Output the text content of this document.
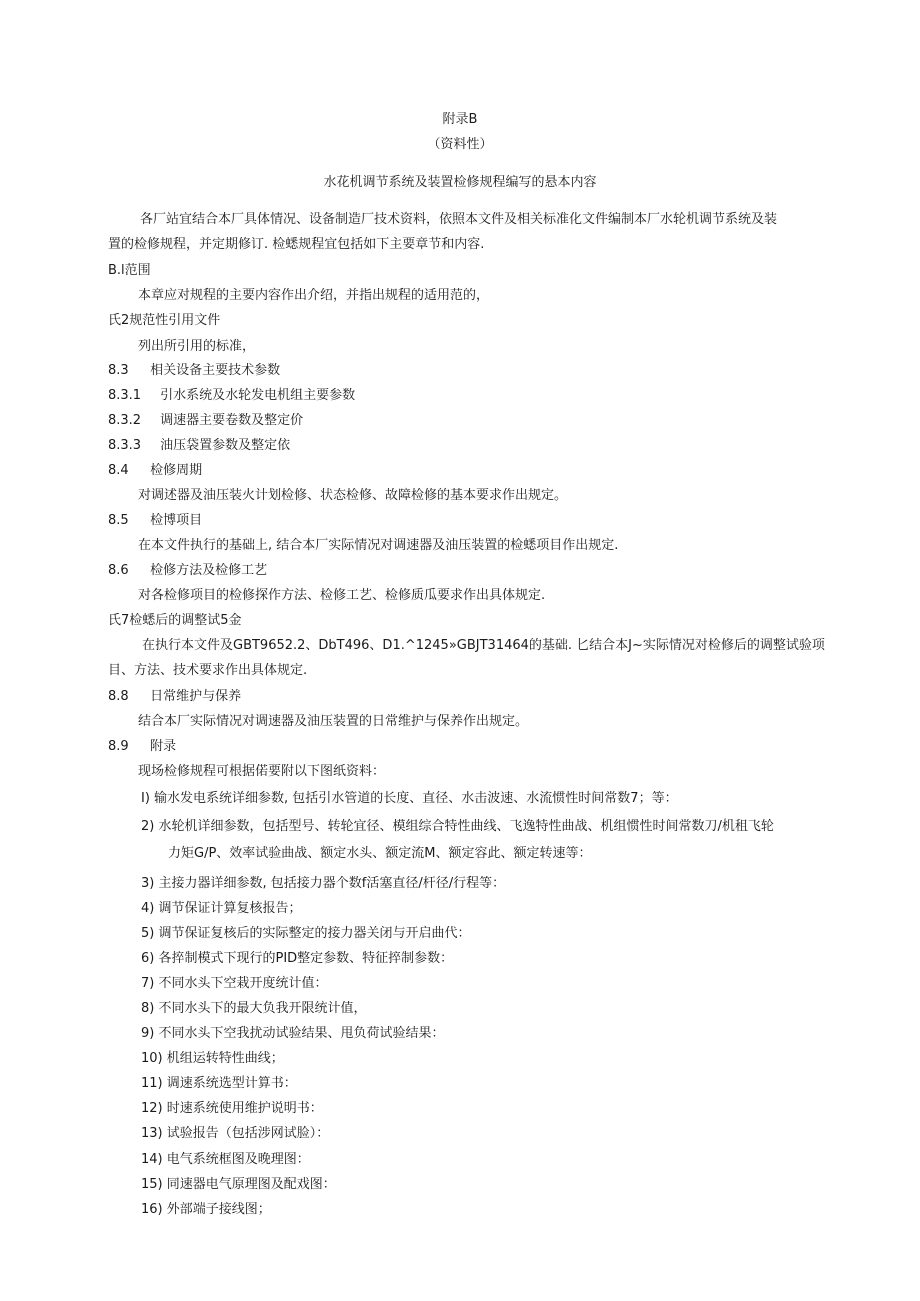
附录B
（资料性）
水花机调节系统及装置检修规程编写的悬本内容
各厂站宜结合本厂具体情况、设备制造厂技术资料，依照本文件及相关标准化文件编制本厂水轮机调节系统及装
置的检修规程，并定期修订. 检蟋规程宜包括如下主要章节和内容.
B.l范围
本章应对规程的主要内容作出介绍，并指出规程的适用范的，
氏2规范性引用文件
列出所引用的标准，
8.3 相关设备主要技术参数
8.3.1 引水系统及水轮发电机组主要参数
8.3.2 调速器主要卷数及整定价
8.3.3 油压袋置参数及整定依
8.4 检修周期
对调述器及油压装火计划检修、状态检修、故障检修的基本要求作出规定。
8.5 检博项目
在本文件执行的基础上, 结合本厂实际情况对调速器及油压装置的检蟋项目作出规定.
8.6 检修方法及检修工艺
对各检修项目的检修探作方法、检修工艺、检修质瓜要求作出具体规定.
氏7检蟋后的调整试5金
在执行本文件及GBT9652.2、DbT496、D1.^1245»GBJT31464的基础. 匕结合本J~实际情况对检修后的调整试验项
目、方法、技术要求作出具体规定.
8.8 日常维护与保养
结合本厂实际情况对调速器及油压装置的日常维护与保养作出规定。
8.9 附录
现场检修规程可根据偌要附以下图纸资料：
I) 输水发电系统详细参数, 包括引水管道的长度、直径、水击波速、水流惯性时间常数7；等：
2) 水轮机详细参数，包括型号、转轮宜径、模组综合特性曲线、飞逸特性曲战、机组惯性时间常数刀/机租飞轮
力矩G/P、效率试验曲战、额定水头、额定流M、额定容此、额定转速等：
3) 主接力器详细参数, 包括接力器个数f活塞直径/杆径/行程等：
4) 调节保证计算复核报告；
5) 调节保证复核后的实际整定的接力器关闭与开启曲代：
6) 各捽制模式下现行的PID整定参数、特征捽制参数：
7) 不同水头下空栽开度统计值：
8) 不同水头下的最大负我开限统计值，
9) 不同水头下空我扰动试验结果、甩负荷试验结果：
10) 机组运转特性曲线；
11) 调速系统选型计算书：
12) 时速系统使用维护说明书：
13) 试验报告（包括涉网试脸）：
14) 电气系统框图及晚理图：
15) 同速器电气原理图及配戏图：
16) 外部端子接线图；
